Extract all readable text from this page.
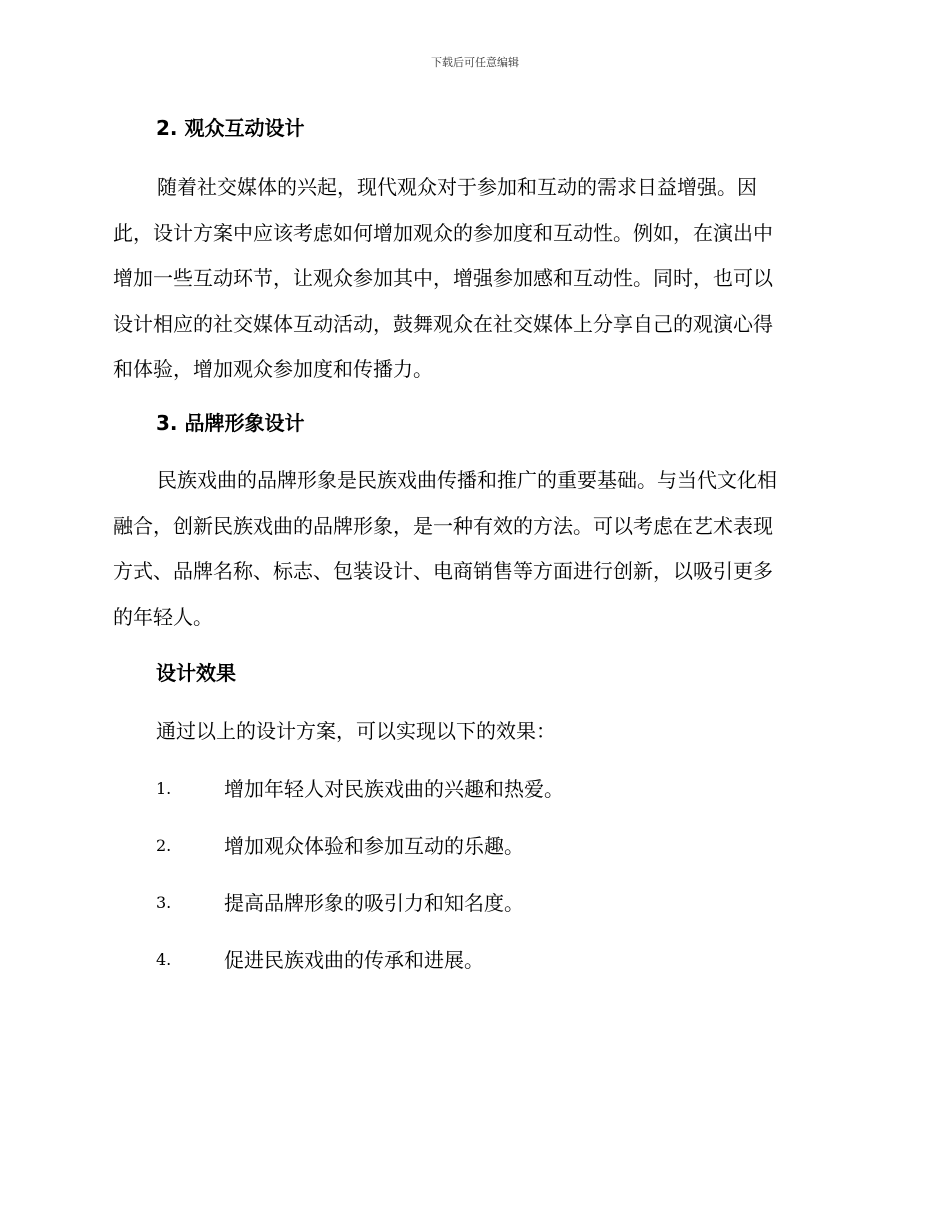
下载后可任意编辑
2. 观众互动设计
随着社交媒体的兴起，现代观众对于参加和互动的需求日益增强。因
此，设计方案中应该考虑如何增加观众的参加度和互动性。例如，在演出中
增加一些互动环节，让观众参加其中，增强参加感和互动性。同时，也可以
设计相应的社交媒体互动活动，鼓舞观众在社交媒体上分享自己的观演心得
和体验，增加观众参加度和传播力。
3. 品牌形象设计
民族戏曲的品牌形象是民族戏曲传播和推广的重要基础。与当代文化相
融合，创新民族戏曲的品牌形象，是一种有效的方法。可以考虑在艺术表现
方式、品牌名称、标志、包装设计、电商销售等方面进行创新，以吸引更多
的年轻人。
设计效果
通过以上的设计方案，可以实现以下的效果：
1.	增加年轻人对民族戏曲的兴趣和热爱。
2.	增加观众体验和参加互动的乐趣。
3.	提高品牌形象的吸引力和知名度。
4.	促进民族戏曲的传承和进展。
